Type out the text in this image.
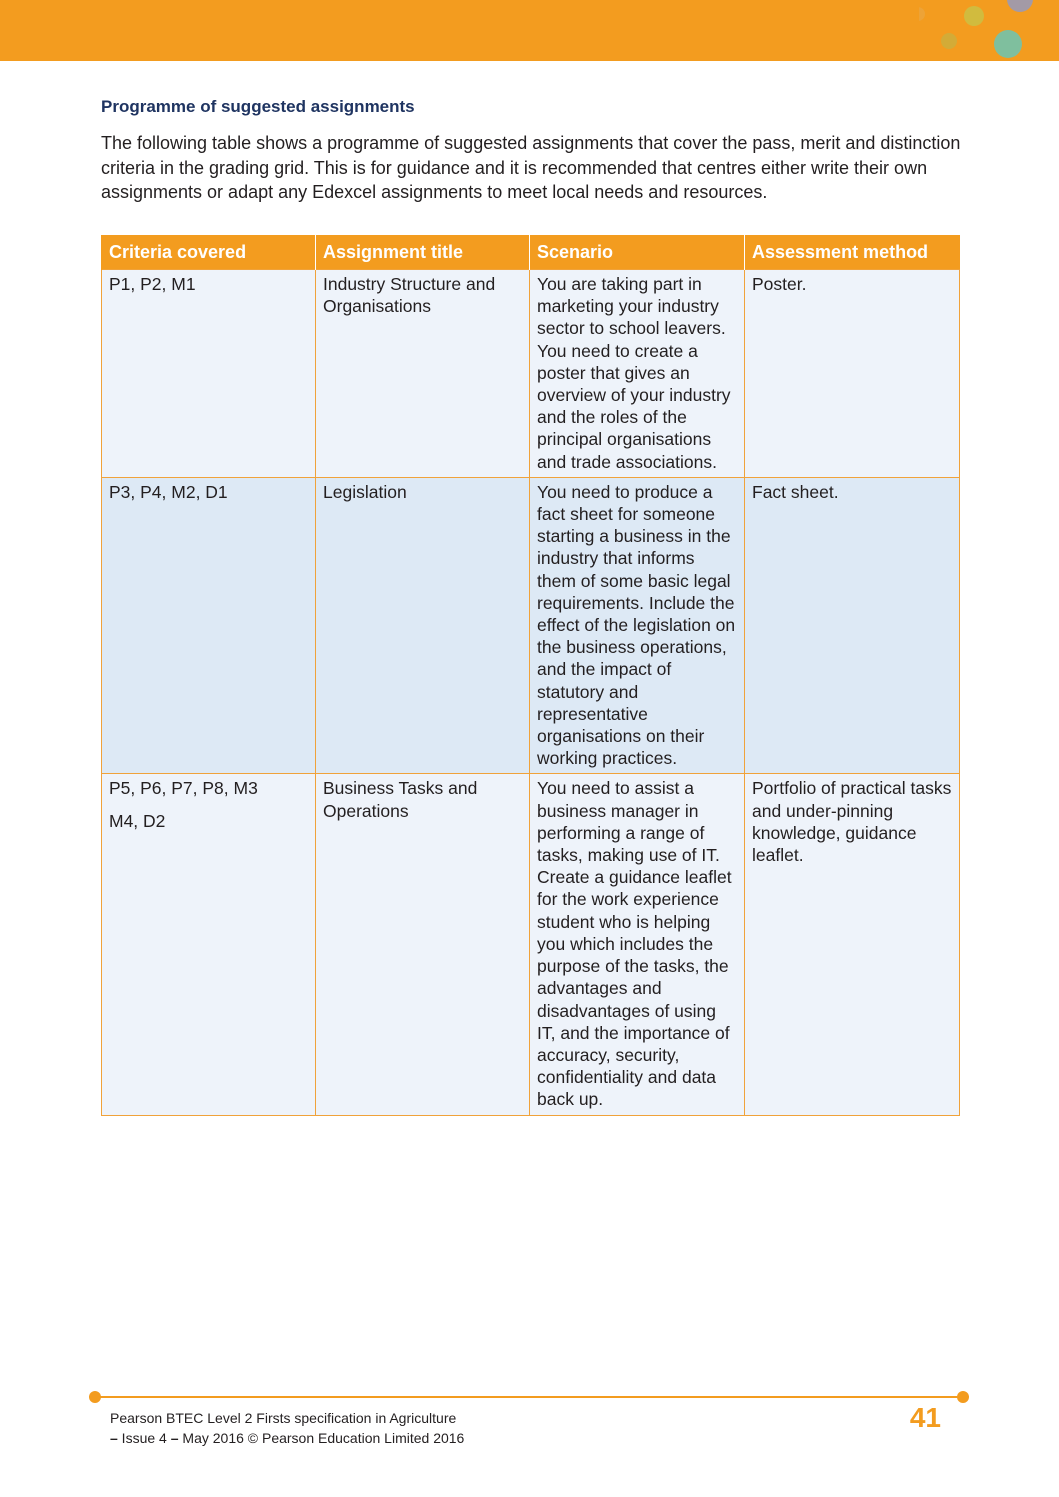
Programme of suggested assignments

The following table shows a programme of suggested assignments that cover the pass, merit and distinction criteria in the grading grid. This is for guidance and it is recommended that centres either write their own assignments or adapt any Edexcel assignments to meet local needs and resources.

Criteria covered	Assignment title	Scenario	Assessment method

P1, P2, M1	Industry Structure and Organisations	You are taking part in marketing your industry sector to school leavers. You need to create a poster that gives an overview of your industry and the roles of the principal organisations and trade associations.	Poster.

P3, P4, M2, D1	Legislation	You need to produce a fact sheet for someone starting a business in the industry that informs them of some basic legal requirements. Include the effect of the legislation on the business operations, and the impact of statutory and representative organisations on their working practices.	Fact sheet.

P5, P6, P7, P8, M3
M4, D2	Business Tasks and Operations	You need to assist a business manager in performing a range of tasks, making use of IT. Create a guidance leaflet for the work experience student who is helping you which includes the purpose of the tasks, the advantages and disadvantages of using IT, and the importance of accuracy, security, confidentiality and data back up.	Portfolio of practical tasks and under-pinning knowledge, guidance leaflet.
Pearson BTEC Level 2 Firsts specification in Agriculture
– Issue 4 – May 2016 © Pearson Education Limited 2016
41
